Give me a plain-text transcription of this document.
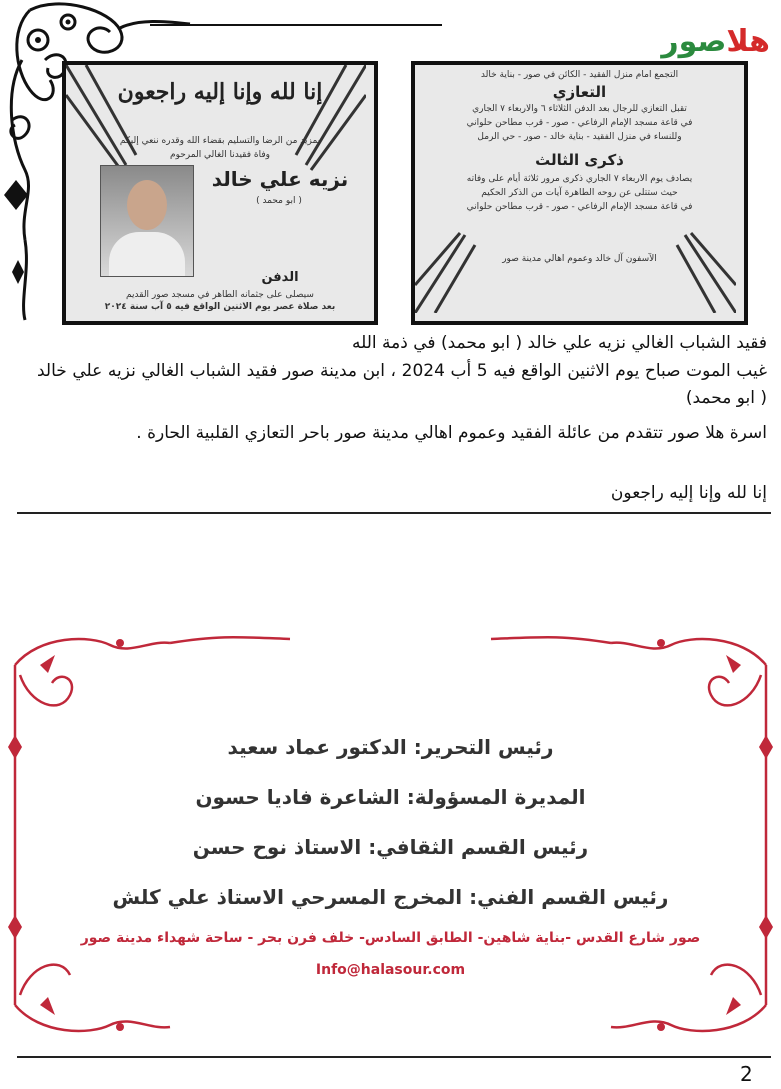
هلاصور
إنا لله وإنا إليه راجعون
بمزيد من الرضا والتسليم بقضاء الله وقدره ننعي إليكم
وفاة فقيدنا الغالي المرحوم
نزيه علي خالد
( ابو محمد )
الدفن
سيصلى على جثمانه الطاهر في مسجد صور القديم
بعد صلاة عصر يوم الاثنين الواقع فيه ٥ آب سنة ٢٠٢٤
التجمع امام منزل الفقيد - الكائن في صور - بناية خالد
التعازي
تقبل التعازي للرجال بعد الدفن الثلاثاء ٦ والاربعاء ٧ الجاري
في قاعة مسجد الإمام الرفاعي - صور - قرب مطاحن حلواني
وللنساء في منزل الفقيد - بناية خالد - صور - حي الرمل
ذكرى الثالث
يصادف يوم الاربعاء ٧ الجاري ذكرى مرور ثلاثة أيام على وفاته
حيث ستتلى عن روحه الطاهرة آيات من الذكر الحكيم
في قاعة مسجد الإمام الرفاعي - صور - قرب مطاحن حلواني
الآسفون آل خالد وعموم اهالي مدينة صور
فقيد الشباب الغالي نزيه علي خالد ( ابو محمد) في ذمة الله
غيب الموت صباح يوم الاثنين الواقع فيه 5 أب 2024 ، ابن مدينة صور فقيد الشباب الغالي نزيه علي خالد ( ابو محمد)
اسرة هلا صور تتقدم من عائلة الفقيد وعموم اهالي مدينة صور باحر التعازي القلبية الحارة .
إنا لله وإنا إليه راجعون
رئيس التحرير: الدكتور عماد سعيد
المديرة المسؤولة: الشاعرة فاديا حسون
رئيس القسم الثقافي: الاستاذ نوح حسن
رئيس القسم الفني: المخرج المسرحي الاستاذ علي كلش
صور شارع القدس -بناية شاهين- الطابق السادس- خلف فرن بحر - ساحة شهداء مدينة صور
Info@halasour.com
2
